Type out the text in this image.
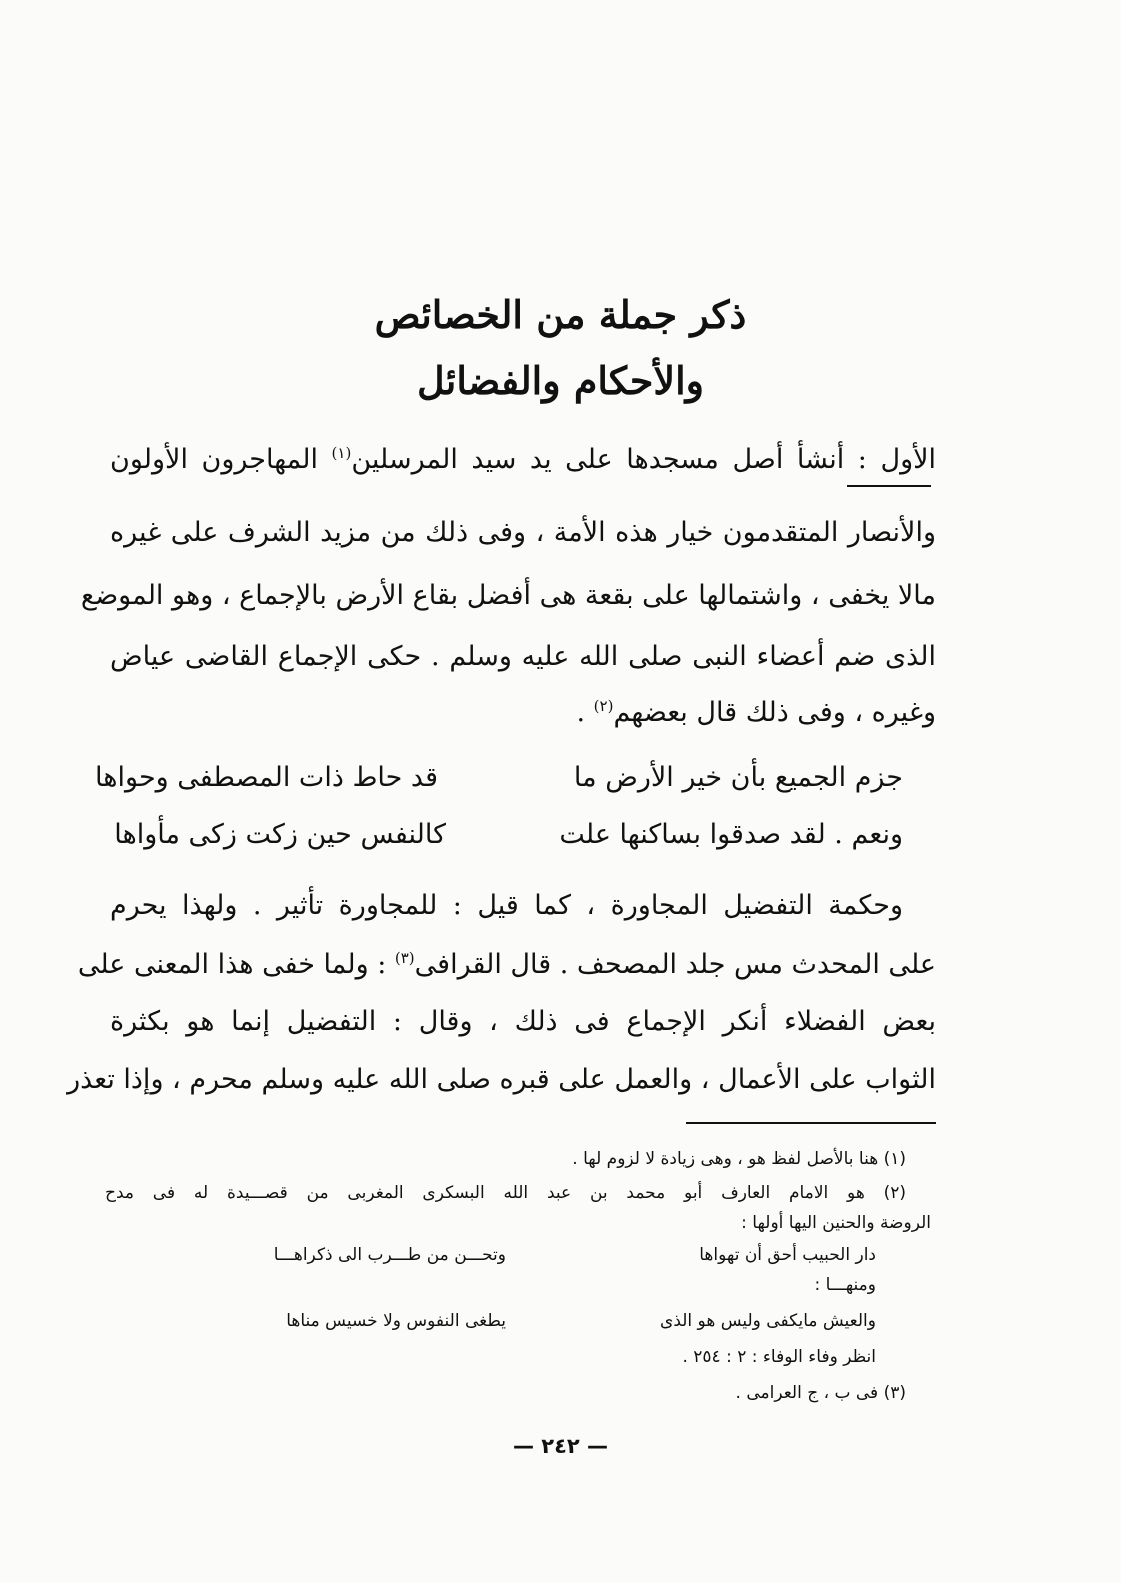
ذكر جملة من الخصائص
والأحكام والفضائل
الأول : أنشأ أصل مسجدها على يد سيد المرسلين$^{(١)}$ المهاجرون الأولون
والأنصار المتقدمون خيار هذه الأمة ، وفى ذلك من مزيد الشرف على غيره
مالا يخفى ، واشتمالها على بقعة هى أفضل بقاع الأرض بالإجماع ، وهو الموضع
الذى ضم أعضاء النبى صلى الله عليه وسلم . حكى الإجماع القاضى عياض
وغيره ، وفى ذلك قال بعضهم$^{(٢)}$ .
جزم الجميع بأن خير الأرض ما
قد حاط ذات المصطفى وحواها
ونعم . لقد صدقوا بساكنها علت
كالنفس حين زكت زكى مأواها
وحكمة التفضيل المجاورة ، كما قيل : للمجاورة تأثير . ولهذا يحرم
على المحدث مس جلد المصحف . قال القرافى$^{(٣)}$ : ولما خفى هذا المعنى على
بعض الفضلاء أنكر الإجماع فى ذلك ، وقال : التفضيل إنما هو بكثرة
الثواب على الأعمال ، والعمل على قبره صلى الله عليه وسلم محرم ، وإذا تعذر
(١) هنا بالأصل لفظ هو ، وهى زيادة لا لزوم لها .
(٢) هو الامام العارف أبو محمد بن عبد الله البسكرى المغربى من قصـــيدة له فى مدح
الروضة والحنين اليها أولها :
دار الحبيب أحق أن تهواها
وتحـــن من طـــرب الى ذكراهـــا
ومنهـــا :
والعيش مايكفى وليس هو الذى
يطغى النفوس ولا خسيس مناها
انظر وفاء الوفاء : ٢ : ٢٥٤ .
(٣) فى ب ، ج العرامى .
— ٢٤٢ —
